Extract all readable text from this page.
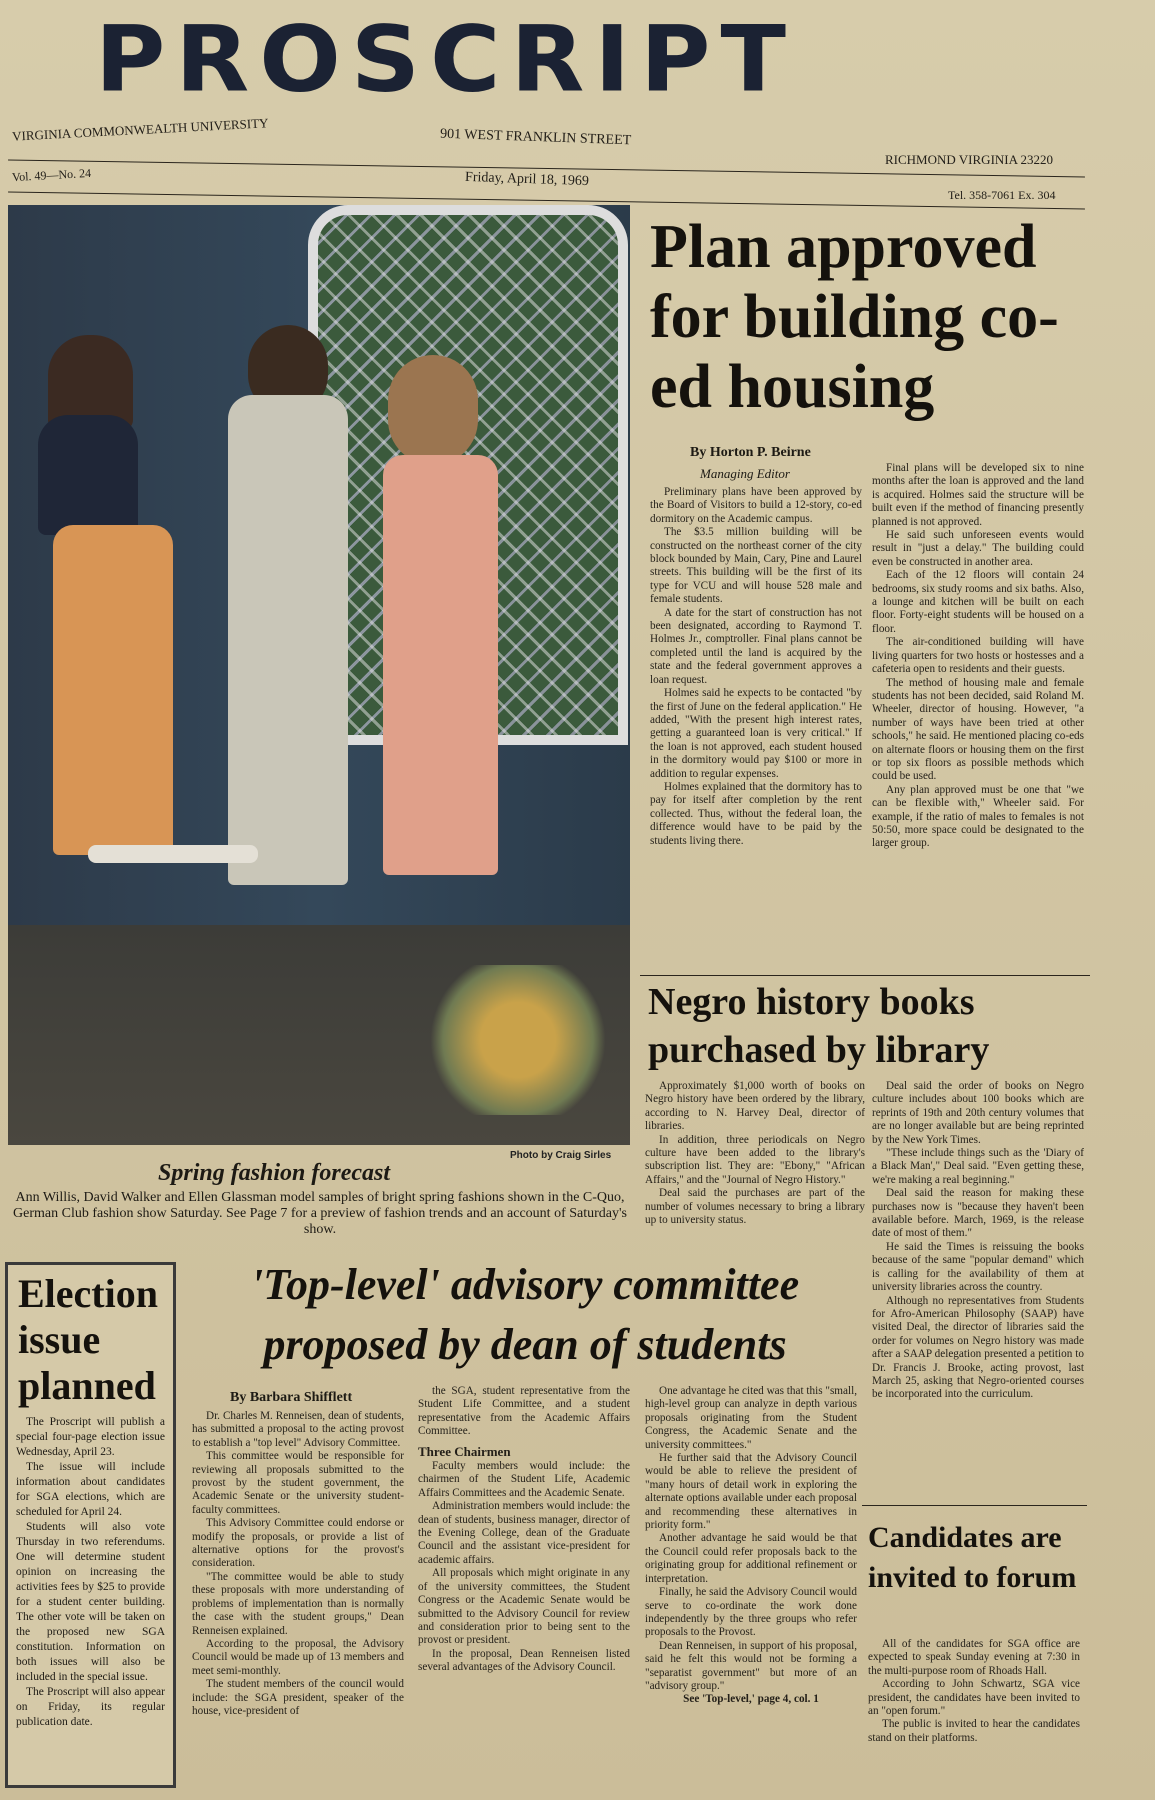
PROSCRIPT
VIRGINIA COMMONWEALTH UNIVERSITY	901 WEST FRANKLIN STREET
RICHMOND VIRGINIA 23220
Vol. 49—No. 24	Friday, April 18, 1969
Tel. 358-7061 Ex. 304
Photo by Craig Sirles
Spring fashion forecast
Ann Willis, David Walker and Ellen Glassman model samples of bright spring fashions shown in the C-Quo, German Club fashion show Saturday. See Page 7 for a preview of fashion trends and an account of Saturday's show.
Plan approved for building co-ed housing
By Horton P. Beirne
Managing Editor

Preliminary plans have been approved by the Board of Visitors to build a 12-story, co-ed dormitory on the Academic campus.

The $3.5 million building will be constructed on the northeast corner of the city block bounded by Main, Cary, Pine and Laurel streets. This building will be the first of its type for VCU and will house 528 male and female students.

A date for the start of construction has not been designated, according to Raymond T. Holmes Jr., comptroller. Final plans cannot be completed until the land is acquired by the state and the federal government approves a loan request.

Holmes said he expects to be contacted "by the first of June on the federal application." He added, "With the present high interest rates, getting a guaranteed loan is very critical." If the loan is not approved, each student housed in the dormitory would pay $100 or more in addition to regular expenses.

Holmes explained that the dormitory has to pay for itself after completion by the rent collected. Thus, without the federal loan, the difference would have to be paid by the students living there.

Final plans will be developed six to nine months after the loan is approved and the land is acquired. Holmes said the structure will be built even if the method of financing presently planned is not approved.

He said such unforeseen events would result in "just a delay." The building could even be constructed in another area.

Each of the 12 floors will contain 24 bedrooms, six study rooms and six baths. Also, a lounge and kitchen will be built on each floor. Forty-eight students will be housed on a floor.

The air-conditioned building will have living quarters for two hosts or hostesses and a cafeteria open to residents and their guests.

The method of housing male and female students has not been decided, said Roland M. Wheeler, director of housing. However, "a number of ways have been tried at other schools," he said. He mentioned placing co-eds on alternate floors or housing them on the first or top six floors as possible methods which could be used.

Any plan approved must be one that "we can be flexible with," Wheeler said. For example, if the ratio of males to females is not 50:50, more space could be designated to the larger group.

Negro history books purchased by library

Approximately $1,000 worth of books on Negro history have been ordered by the library, according to N. Harvey Deal, director of libraries.

In addition, three periodicals on Negro culture have been added to the library's subscription list. They are: "Ebony," "African Affairs," and the "Journal of Negro History."

Deal said the purchases are part of the number of volumes necessary to bring a library up to university status.

Deal said the order of books on Negro culture includes about 100 books which are reprints of 19th and 20th century volumes that are no longer available but are being reprinted by the New York Times.

"These include things such as the 'Diary of a Black Man'," Deal said. "Even getting these, we're making a real beginning."

Deal said the reason for making these purchases now is "because they haven't been available before. March, 1969, is the release date of most of them."

He said the Times is reissuing the books because of the same "popular demand" which is calling for the availability of them at university libraries across the country.

Although no representatives from Students for Afro-American Philosophy (SAAP) have visited Deal, the director of libraries said the order for volumes on Negro history was made after a SAAP delegation presented a petition to Dr. Francis J. Brooke, acting provost, last March 25, asking that Negro-oriented courses be incorporated into the curriculum.

Election issue planned

The Proscript will publish a special four-page election issue Wednesday, April 23.

The issue will include information about candidates for SGA elections, which are scheduled for April 24.

Students will also vote Thursday in two referendums. One will determine student opinion on increasing the activities fees by $25 to provide for a student center building. The other vote will be taken on the proposed new SGA constitution. Information on both issues will also be included in the special issue.

The Proscript will also appear on Friday, its regular publication date.

'Top-level' advisory committee proposed by dean of students
By Barbara Shifflett

Dr. Charles M. Renneisen, dean of students, has submitted a proposal to the acting provost to establish a "top level" Advisory Committee.

This committee would be responsible for reviewing all proposals submitted to the provost by the student government, the Academic Senate or the university student-faculty committees.

This Advisory Committee could endorse or modify the proposals, or provide a list of alternative options for the provost's consideration.

"The committee would be able to study these proposals with more understanding of problems of implementation than is normally the case with the student groups," Dean Renneisen explained.

According to the proposal, the Advisory Council would be made up of 13 members and meet semi-monthly.

The student members of the council would include: the SGA president, speaker of the house, vice-president of

the SGA, student representative from the Student Life Committee, and a student representative from the Academic Affairs Committee.

Three Chairmen

Faculty members would include: the chairmen of the Student Life, Academic Affairs Committees and the Academic Senate.

Administration members would include: the dean of students, business manager, director of the Evening College, dean of the Graduate Council and the assistant vice-president for academic affairs.

All proposals which might originate in any of the university committees, the Student Congress or the Academic Senate would be submitted to the Advisory Council for review and consideration prior to being sent to the provost or president.

In the proposal, Dean Renneisen listed several advantages of the Advisory Council.

One advantage he cited was that this "small, high-level group can analyze in depth various proposals originating from the Student Congress, the Academic Senate and the university committees."

He further said that the Advisory Council would be able to relieve the president of "many hours of detail work in exploring the alternate options available under each proposal and recommending these alternatives in priority form."

Another advantage he said would be that the Council could refer proposals back to the originating group for additional refinement or interpretation.

Finally, he said the Advisory Council would serve to co-ordinate the work done independently by the three groups who refer proposals to the Provost.

Dean Renneisen, in support of his proposal, said he felt this would not be forming a "separatist government" but more of an "advisory group."

See 'Top-level,' page 4, col. 1

Candidates are invited to forum

All of the candidates for SGA office are expected to speak Sunday evening at 7:30 in the multi-purpose room of Rhoads Hall.

According to John Schwartz, SGA vice president, the candidates have been invited to an "open forum."

The public is invited to hear the candidates stand on their platforms.
